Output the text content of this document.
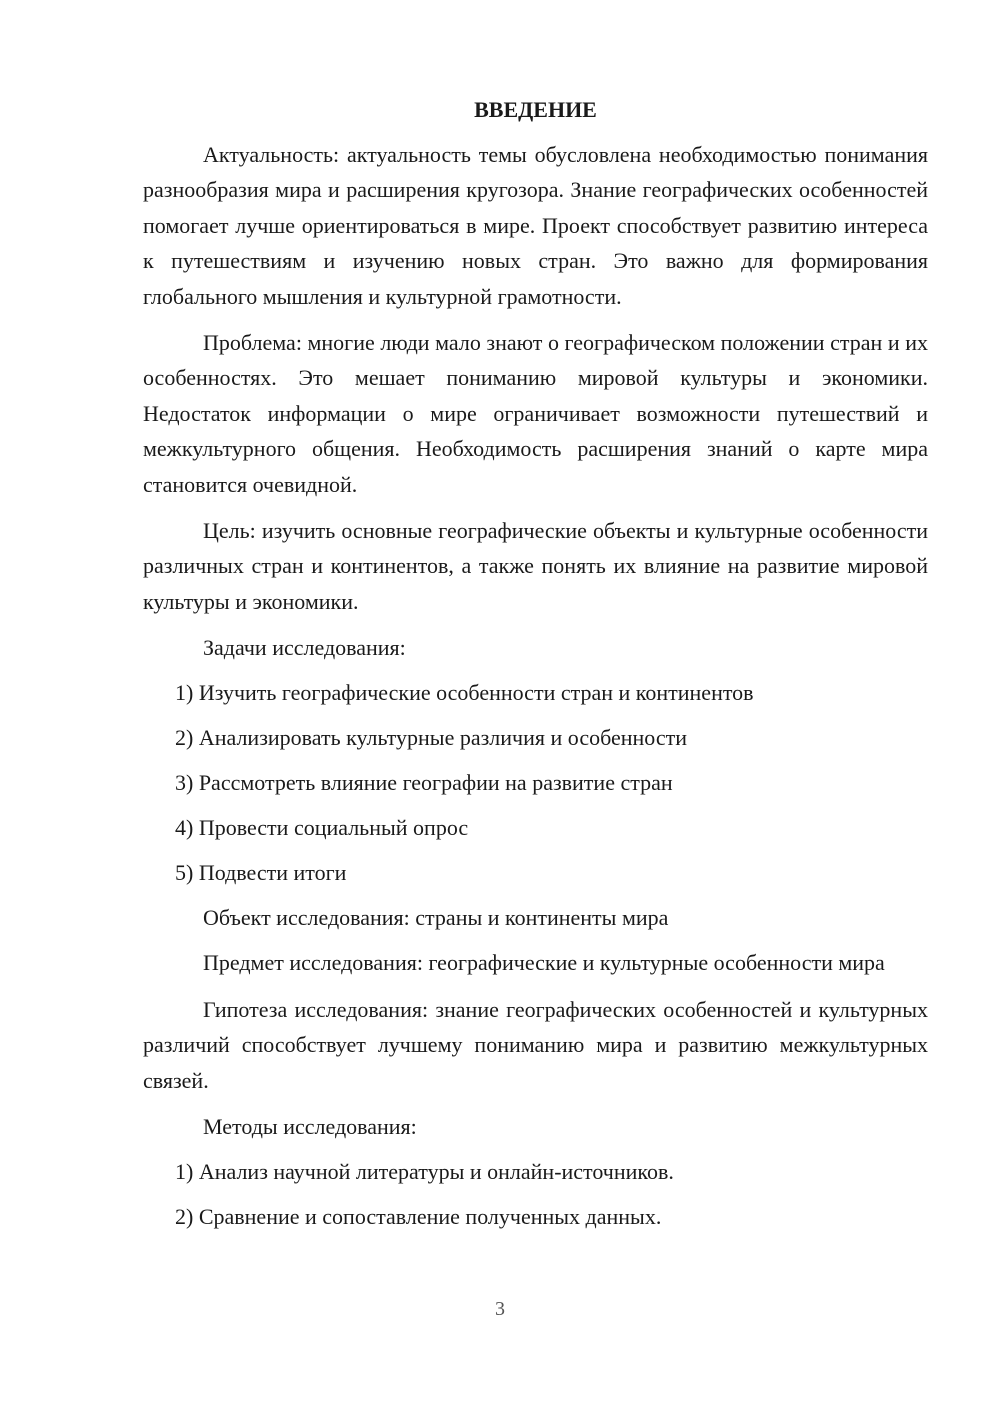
ВВЕДЕНИЕ

Актуальность: актуальность темы обусловлена необходимостью понимания разнообразия мира и расширения кругозора. Знание географических особенностей помогает лучше ориентироваться в мире. Проект способствует развитию интереса к путешествиям и изучению новых стран. Это важно для формирования глобального мышления и культурной грамотности.

Проблема: многие люди мало знают о географическом положении стран и их особенностях. Это мешает пониманию мировой культуры и экономики. Недостаток информации о мире ограничивает возможности путешествий и межкультурного общения. Необходимость расширения знаний о карте мира становится очевидной.

Цель: изучить основные географические объекты и культурные особенности различных стран и континентов, а также понять их влияние на развитие мировой культуры и экономики.

Задачи исследования:
1) Изучить географические особенности стран и континентов
2) Анализировать культурные различия и особенности
3) Рассмотреть влияние географии на развитие стран
4) Провести социальный опрос
5) Подвести итоги
Объект исследования: страны и континенты мира

Предмет исследования: географические и культурные особенности мира

Гипотеза исследования: знание географических особенностей и культурных различий способствует лучшему пониманию мира и развитию межкультурных связей.

Методы исследования:
1) Анализ научной литературы и онлайн-источников.
2) Сравнение и сопоставление полученных данных.
3
